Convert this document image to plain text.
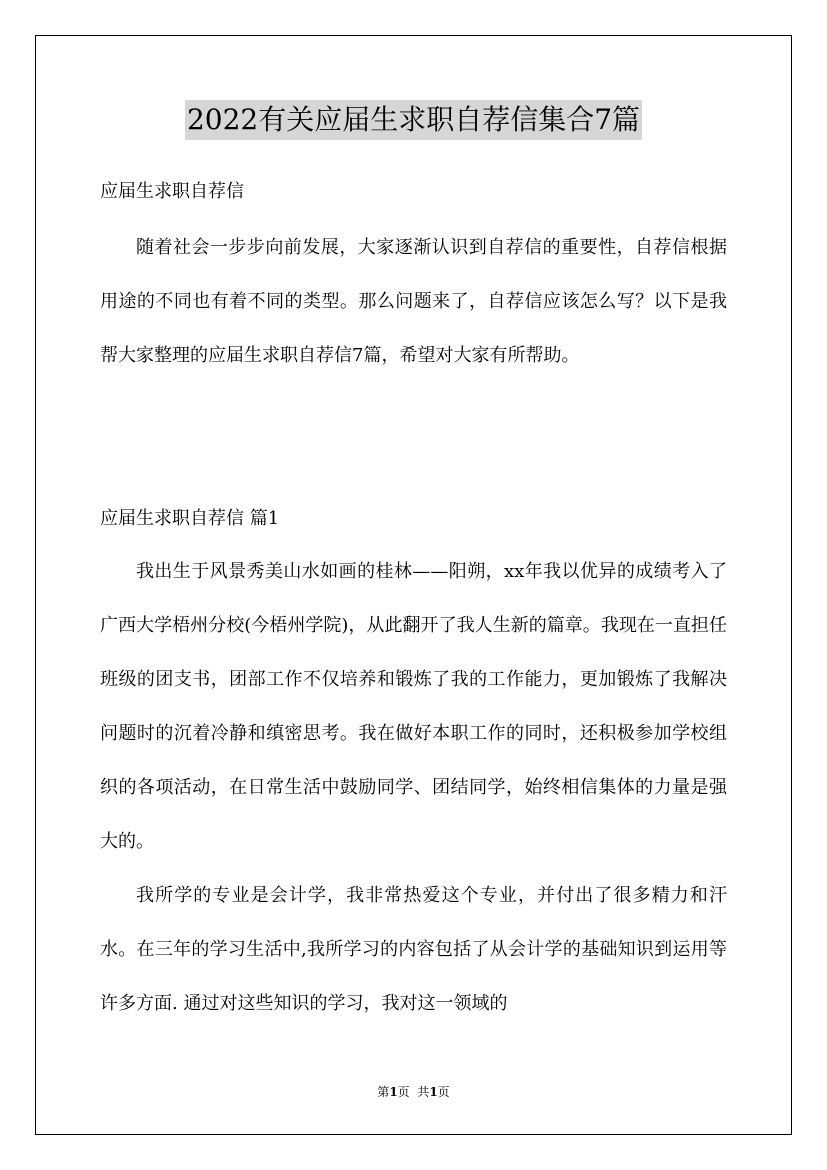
2022有关应届生求职自荐信集合7篇
应届生求职自荐信
随着社会一步步向前发展，大家逐渐认识到自荐信的重要性，自荐信根据用途的不同也有着不同的类型。那么问题来了，自荐信应该怎么写？以下是我帮大家整理的应届生求职自荐信7篇，希望对大家有所帮助。
应届生求职自荐信 篇1
我出生于风景秀美山水如画的桂林——阳朔，xx年我以优异的成绩考入了广西大学梧州分校(今梧州学院)，从此翻开了我人生新的篇章。我现在一直担任班级的团支书，团部工作不仅培养和锻炼了我的工作能力，更加锻炼了我解决问题时的沉着冷静和缜密思考。我在做好本职工作的同时，还积极参加学校组织的各项活动，在日常生活中鼓励同学、团结同学，始终相信集体的力量是强大的。
我所学的专业是会计学，我非常热爱这个专业，并付出了很多精力和汗水。在三年的学习生活中,我所学习的内容包括了从会计学的基础知识到运用等许多方面. 通过对这些知识的学习，我对这一领域的
第1页  共1页
